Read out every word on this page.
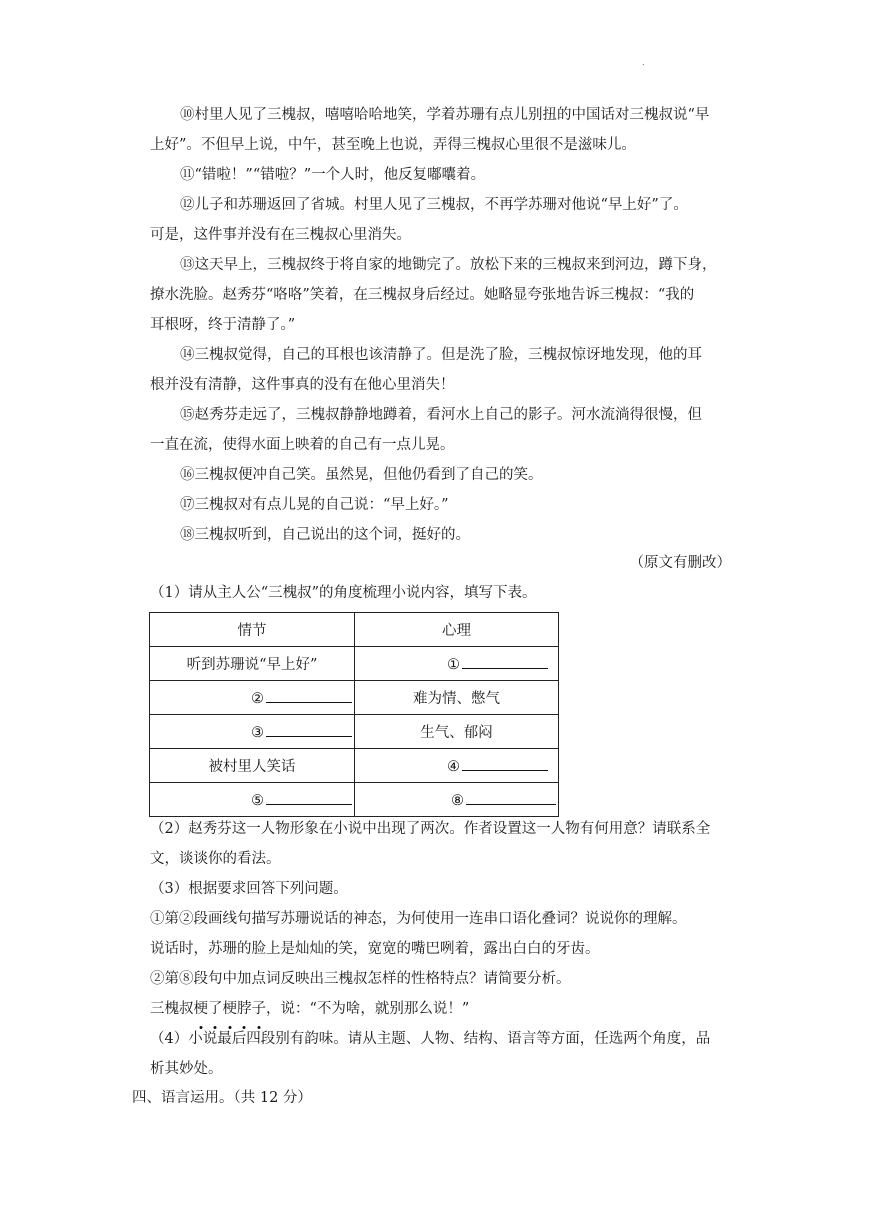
.

⑩村里人见了三槐叔，嘻嘻哈哈地笑，学着苏珊有点儿别扭的中国话对三槐叔说“早

上好”。不但早上说，中午，甚至晚上也说，弄得三槐叔心里很不是滋味儿。

⑪“错啦！”“错啦？”一个人时，他反复嘟囔着。

⑫儿子和苏珊返回了省城。村里人见了三槐叔，不再学苏珊对他说“早上好”了。

可是，这件事并没有在三槐叔心里消失。

⑬这天早上，三槐叔终于将自家的地锄完了。放松下来的三槐叔来到河边，蹲下身，

撩水洗脸。赵秀芬“咯咯”笑着，在三槐叔身后经过。她略显夸张地告诉三槐叔：“我的

耳根呀，终于清静了。”

⑭三槐叔觉得，自己的耳根也该清静了。但是洗了脸，三槐叔惊讶地发现，他的耳

根并没有清静，这件事真的没有在他心里消失！

⑮赵秀芬走远了，三槐叔静静地蹲着，看河水上自己的影子。河水流淌得很慢，但

一直在流，使得水面上映着的自己有一点儿晃。

⑯三槐叔便冲自己笑。虽然晃，但他仍看到了自己的笑。

⑰三槐叔对有点儿晃的自己说：“早上好。”

⑱三槐叔听到，自己说出的这个词，挺好的。

（原文有删改）

（1）请从主人公“三槐叔”的角度梳理小说内容，填写下表。

情节	心理
听到苏珊说“早上好”	①
②	难为情、憋气
③	生气、郁闷
被村里人笑话	④
⑤	⑧

（2）赵秀芬这一人物形象在小说中出现了两次。作者设置这一人物有何用意？请联系全

文，谈谈你的看法。

（3）根据要求回答下列问题。

①第②段画线句描写苏珊说话的神态，为何使用一连串口语化叠词？说说你的理解。

说话时，苏珊的脸上是灿灿的笑，宽宽的嘴巴咧着，露出白白的牙齿。

②第⑧段句中加点词反映出三槐叔怎样的性格特点？请简要分析。

三槐叔梗了梗脖子，说：“不为啥，就别那么说！”

（4）小说最后四段别有韵味。请从主题、人物、结构、语言等方面，任选两个角度，品

析其妙处。

四、语言运用。（共 12 分）
